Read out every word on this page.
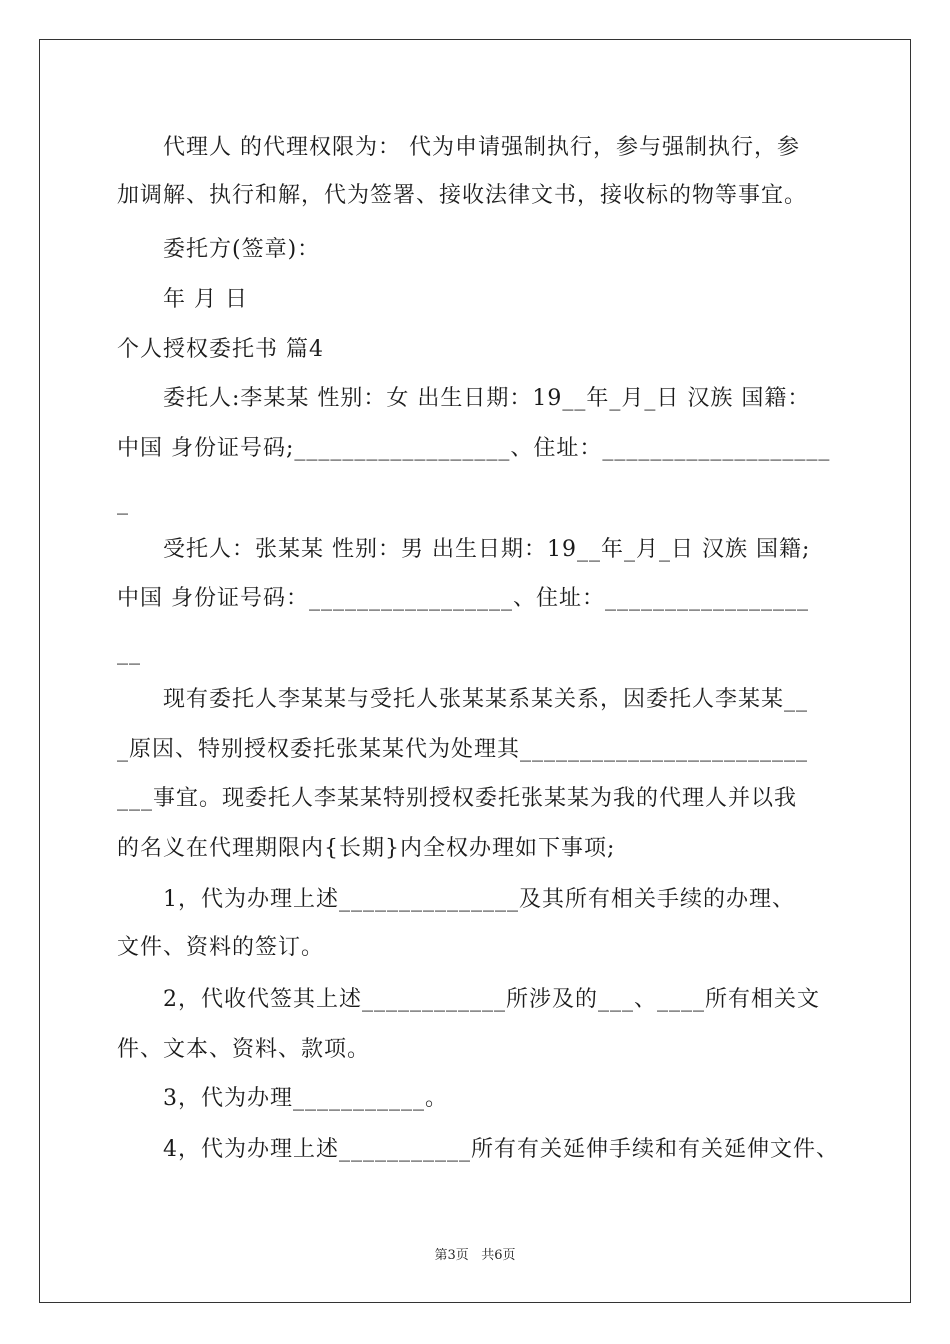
代理人 的代理权限为： 代为申请强制执行，参与强制执行，参
加调解、执行和解，代为签署、接收法律文书，接收标的物等事宜。
委托方(签章)：
年 月 日
个人授权委托书 篇4
委托人:李某某 性别：女 出生日期：19__年_月_日 汉族 国籍：
中国 身份证号码;__________________、住址：___________________
_
受托人：张某某 性别：男 出生日期：19__年_月_日 汉族 国籍;
中国 身份证号码：_________________、住址：_________________
__
现有委托人李某某与受托人张某某系某关系，因委托人李某某__
_原因、特别授权委托张某某代为处理其________________________
___事宜。现委托人李某某特别授权委托张某某为我的代理人并以我
的名义在代理期限内{长期}内全权办理如下事项;
1，代为办理上述_______________及其所有相关手续的办理、
文件、资料的签订。
2，代收代签其上述____________所涉及的___、____所有相关文
件、文本、资料、款项。
3，代为办理___________。
4，代为办理上述___________所有有关延伸手续和有关延伸文件、
第3页 共6页
